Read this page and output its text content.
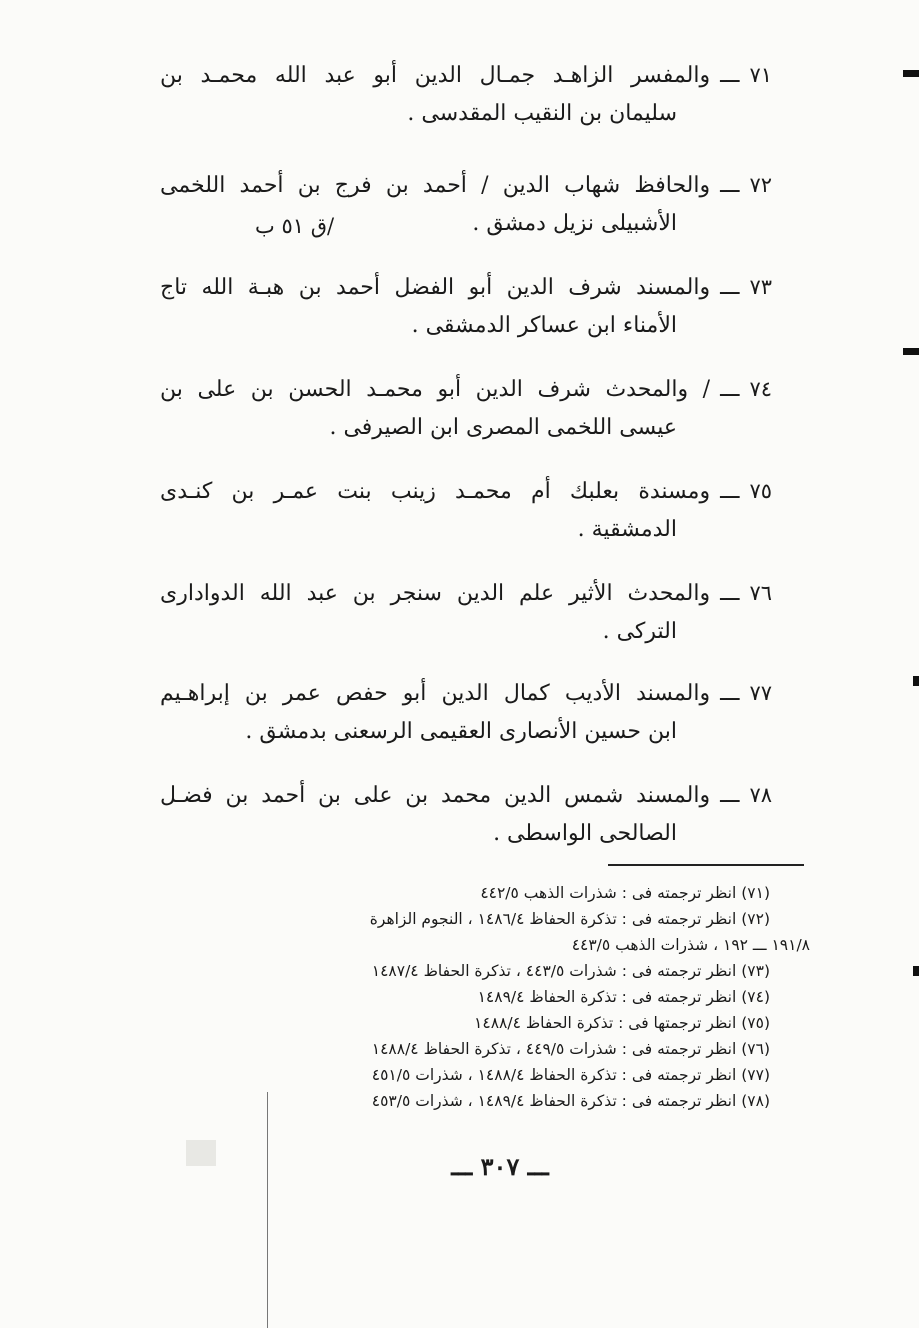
٧١
ـــ
والمفسر الزاهـد جمـال الدين أبو عبد الله محمـد بن
سليمان بن النقيب المقدسى .
٧٢
ـــ
والحافظ شهاب الدين / أحمد بن فرج بن أحمد اللخمى
الأشبيلى نزيل دمشق .
٧٣
ـــ
والمسند شرف الدين أبو الفضل أحمد بن هبـة الله تاج
الأمناء ابن عساكر الدمشقى .
٧٤
ـــ
/ والمحدث شرف الدين أبو محمـد الحسن بن على بن
عيسى اللخمى المصرى ابن الصيرفى .
٧٥
ـــ
ومسندة بعلبك أم محمـد زينب بنت عمـر بن كنـدى
الدمشقية .
٧٦
ـــ
والمحدث الأثير علم الدين سنجر بن عبد الله الدوادارى
التركى .
٧٧
ـــ
والمسند الأديب كمال الدين أبو حفص عمر بن إبراهـيم
ابن حسين الأنصارى العقيمى الرسعنى بدمشق .
٧٨
ـــ
والمسند شمس الدين محمد بن على بن أحمد بن فضـل
الصالحى الواسطى .
/ق ٥١ ب
(٧١) انظر ترجمته فى : شذرات الذهب ٤٤٢/٥
(٧٢) انظر ترجمته فى : تذكرة الحفاظ ١٤٨٦/٤ ، النجوم الزاهرة
١٩١/٨ ـــ ١٩٢ ، شذرات الذهب ٤٤٣/٥
(٧٣) انظر ترجمته فى : شذرات ٤٤٣/٥ ، تذكرة الحفاظ ١٤٨٧/٤
(٧٤) انظر ترجمته فى : تذكرة الحفاظ ١٤٨٩/٤
(٧٥) انظر ترجمتها فى : تذكرة الحفاظ ١٤٨٨/٤
(٧٦) انظر ترجمته فى : شذرات ٤٤٩/٥ ، تذكرة الحفاظ ١٤٨٨/٤
(٧٧) انظر ترجمته فى : تذكرة الحفاظ ١٤٨٨/٤ ، شذرات ٤٥١/٥
(٧٨) انظر ترجمته فى : تذكرة الحفاظ ١٤٨٩/٤ ، شذرات ٤٥٣/٥
ـــ ٣٠٧ ـــ
